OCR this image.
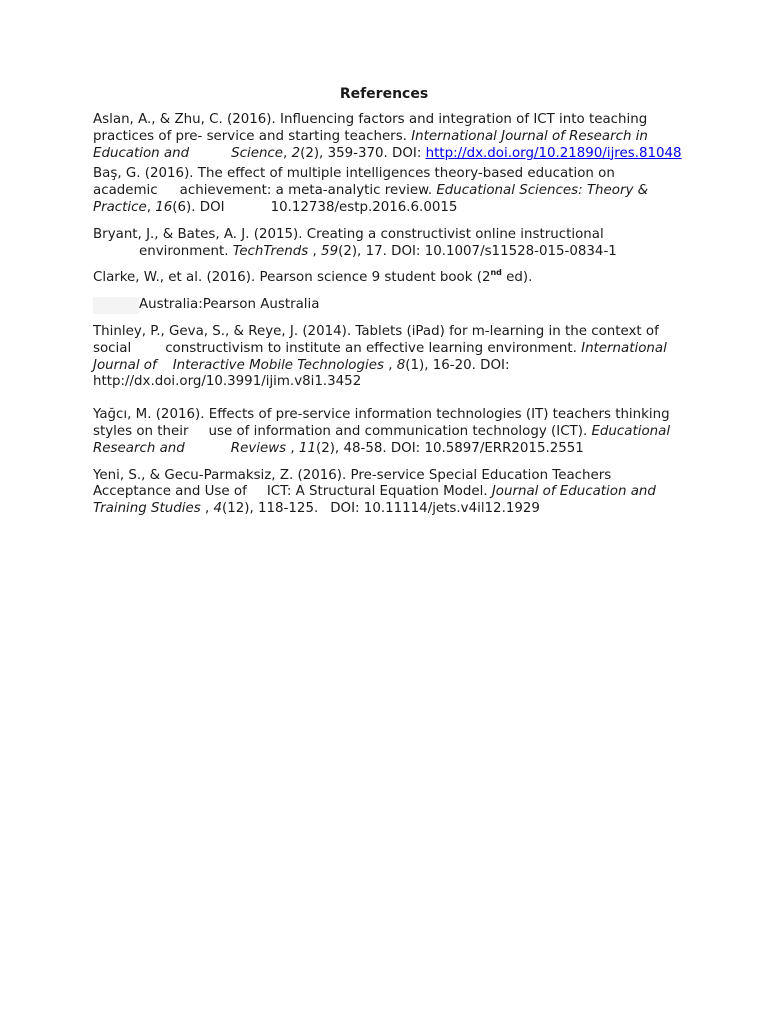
References

Aslan, A., & Zhu, C. (2016). Influencing factors and integration of ICT into teaching practices of pre- service and starting teachers. International Journal of Research in Education and	Science, 2(2), 359-370. DOI: http://dx.doi.org/10.21890/ijres.81048

Baş, G. (2016). The effect of multiple intelligences theory-based education on academic achievement: a meta-analytic review. Educational Sciences: Theory &Practice, 16(6). DOI	10.12738/estp.2016.6.0015

Bryant, J., & Bates, A. J. (2015). Creating a constructivist online instructional
environment. TechTrends , 59(2), 17. DOI: 10.1007/s11528-015-0834-1

Clarke, W., et al. (2016). Pearson science 9 student book (2nd ed).

Australia:Pearson Australia

Thinley, P., Geva, S., & Reye, J. (2014). Tablets (iPad) for m-learning in the context of social	constructivism to institute an effective learning environment. International Journal of Interactive Mobile Technologies , 8(1), 16-20. DOI: http://dx.doi.org/10.3991/ijim.v8i1.3452

Yağcı, M. (2016). Effects of pre-service information technologies (IT) teachers thinking styles on their use of information and communication technology (ICT). Educational Research and	Reviews , 11(2), 48-58. DOI: 10.5897/ERR2015.2551

Yeni, S., & Gecu-Parmaksiz, Z. (2016). Pre-service Special Education Teachers Acceptance and Use of ICT: A Structural Equation Model. Journal of Education and Training Studies , 4(12), 118-125. DOI: 10.11114/jets.v4il12.1929
